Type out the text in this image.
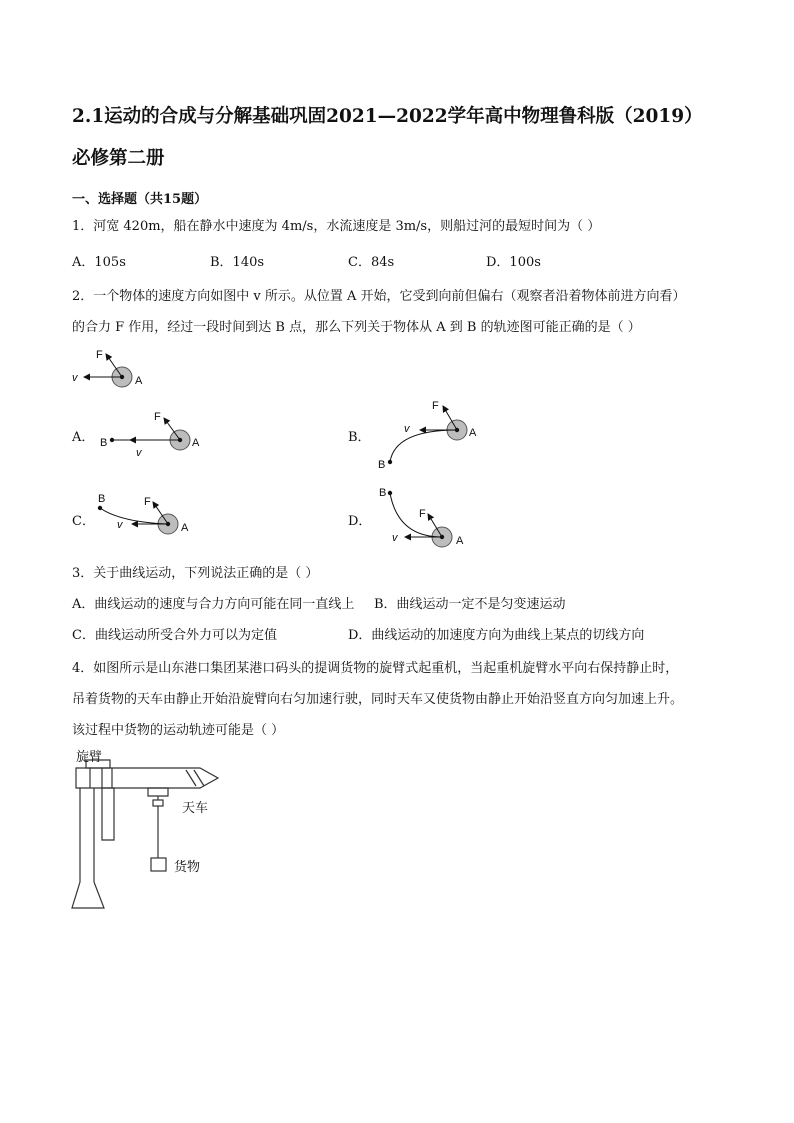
2.1运动的合成与分解基础巩固2021—2022学年高中物理鲁科版（2019）
必修第二册
一、选择题（共15题）
1．河宽 420m，船在静水中速度为 4m/s，水流速度是 3m/s，则船过河的最短时间为（ ）
A．105s	B．140s	C．84s	D．100s
2．一个物体的速度方向如图中 v 所示。从位置 A 开始，它受到向前但偏右（观察者沿着物体前进方向看）
的合力 F 作用，经过一段时间到达 B 点，那么下列关于物体从 A 到 B 的轨迹图可能正确的是（ ）
F
v	A
F
v
A
B
F
v	A
B
F
v	A
B
F
v	A
B
A．	B．
C．	D．
3．关于曲线运动，下列说法正确的是（ ）
A．曲线运动的速度与合力方向可能在同一直线上 B．曲线运动一定不是匀变速运动
C．曲线运动所受合外力可以为定值	D．曲线运动的加速度方向为曲线上某点的切线方向
4．如图所示是山东港口集团某港口码头的提调货物的旋臂式起重机，当起重机旋臂水平向右保持静止时，
吊着货物的天车由静止开始沿旋臂向右匀加速行驶，同时天车又使货物由静止开始沿竖直方向匀加速上升。
该过程中货物的运动轨迹可能是（ ）
旋臂
天车
货物
